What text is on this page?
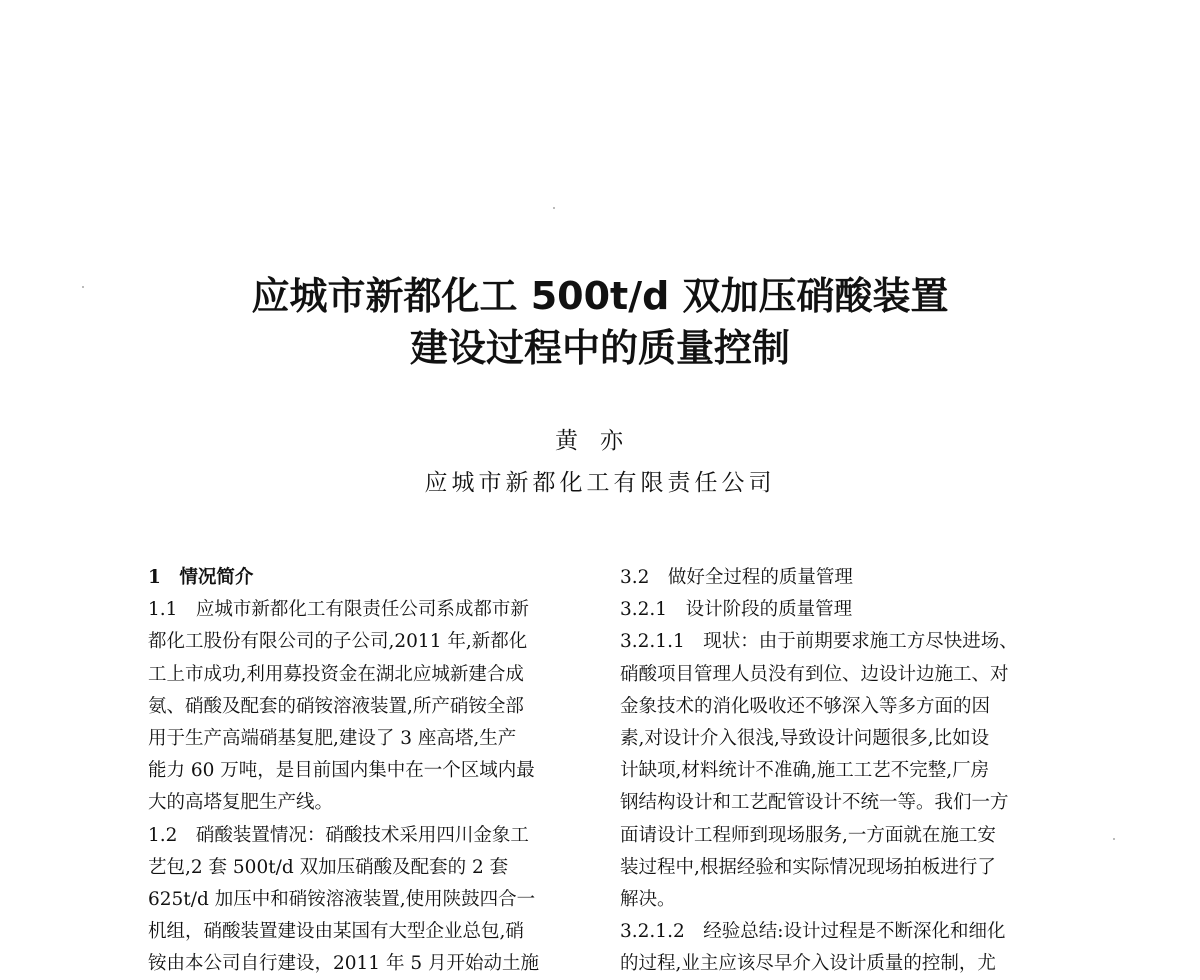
应城市新都化工 500t/d 双加压硝酸装置
建设过程中的质量控制
黄亦
应城市新都化工有限责任公司
1　情况简介
1.1　应城市新都化工有限责任公司系成都市新
都化工股份有限公司的子公司,2011 年,新都化
工上市成功,利用募投资金在湖北应城新建合成
氨、硝酸及配套的硝铵溶液装置,所产硝铵全部
用于生产高端硝基复肥,建设了 3 座高塔,生产
能力 60 万吨，是目前国内集中在一个区域内最
大的高塔复肥生产线。
1.2　硝酸装置情况：硝酸技术采用四川金象工
艺包,2 套 500t/d 双加压硝酸及配套的 2 套
625t/d 加压中和硝铵溶液装置,使用陕鼓四合一
机组，硝酸装置建设由某国有大型企业总包,硝
铵由本公司自行建设，2011 年 5 月开始动土施
3.2　做好全过程的质量管理
3.2.1　设计阶段的质量管理
3.2.1.1　现状：由于前期要求施工方尽快进场、
硝酸项目管理人员没有到位、边设计边施工、对
金象技术的消化吸收还不够深入等多方面的因
素,对设计介入很浅,导致设计问题很多,比如设
计缺项,材料统计不准确,施工工艺不完整,厂房
钢结构设计和工艺配管设计不统一等。我们一方
面请设计工程师到现场服务,一方面就在施工安
装过程中,根据经验和实际情况现场拍板进行了
解决。
3.2.1.2　经验总结:设计过程是不断深化和细化
的过程,业主应该尽早介入设计质量的控制，尤
